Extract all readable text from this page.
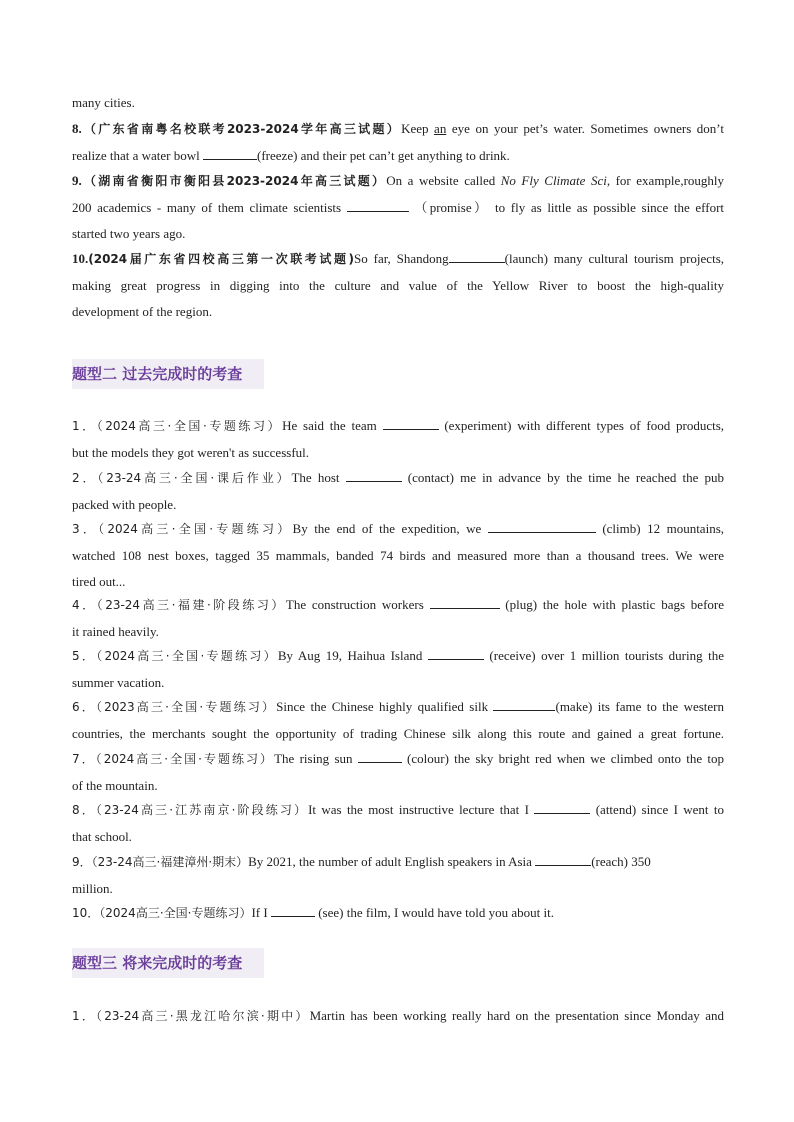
many cities.
8.（广东省南粤名校联考2023-2024学年高三试题）Keep an eye on your pet’s water. Sometimes owners don’t
realize that a water bowl	(freeze) and their pet can’t get anything to drink.
9.（湖南省衡阳市衡阳县2023-2024年高三试题）On a website called No Fly Climate Sci, for example,roughly
200 academics - many of them climate scientists	（promise） to fly as little as possible since the effort
started two years ago.
10.(2024届广东省四校高三第一次联考试题)So far, Shandong	(launch) many cultural tourism projects,
making great progress in digging into the culture and value of the Yellow River to boost the high-quality
development of the region.
题型二 过去完成时的考查
1．（2024高三·全国·专题练习）He said the team	(experiment) with different types of food products,
but the models they got weren't as successful.
2．（23-24高三·全国·课后作业）The host	(contact) me in advance by the time he reached the pub
packed with people.
3．（2024高三·全国·专题练习）By the end of the expedition, we	(climb) 12 mountains,
watched 108 nest boxes, tagged 35 mammals, banded 74 birds and measured more than a thousand trees. We were
tired out...
4．（23-24高三·福建·阶段练习）The construction workers	(plug) the hole with plastic bags before
it rained heavily.
5．（2024高三·全国·专题练习）By Aug 19, Haihua Island	(receive) over 1 million tourists during the
summer vacation.
6．（2023高三·全国·专题练习）Since the Chinese highly qualified silk	(make) its fame to the western
countries, the merchants sought the opportunity of trading Chinese silk along this route and gained a great fortune.
7．（2024高三·全国·专题练习）The rising sun	(colour) the sky bright red when we climbed onto the top
of the mountain.
8．（23-24高三·江苏南京·阶段练习）It was the most instructive lecture that I	(attend) since I went to
that school.
9．（23-24高三·福建漳州·期末）By 2021, the number of adult English speakers in Asia	(reach) 350
million.
10．（2024高三·全国·专题练习）If I	(see) the film, I would have told you about it.
题型三 将来完成时的考查
1．（23-24高三·黑龙江哈尔滨·期中）Martin has been working really hard on the presentation since Monday and
